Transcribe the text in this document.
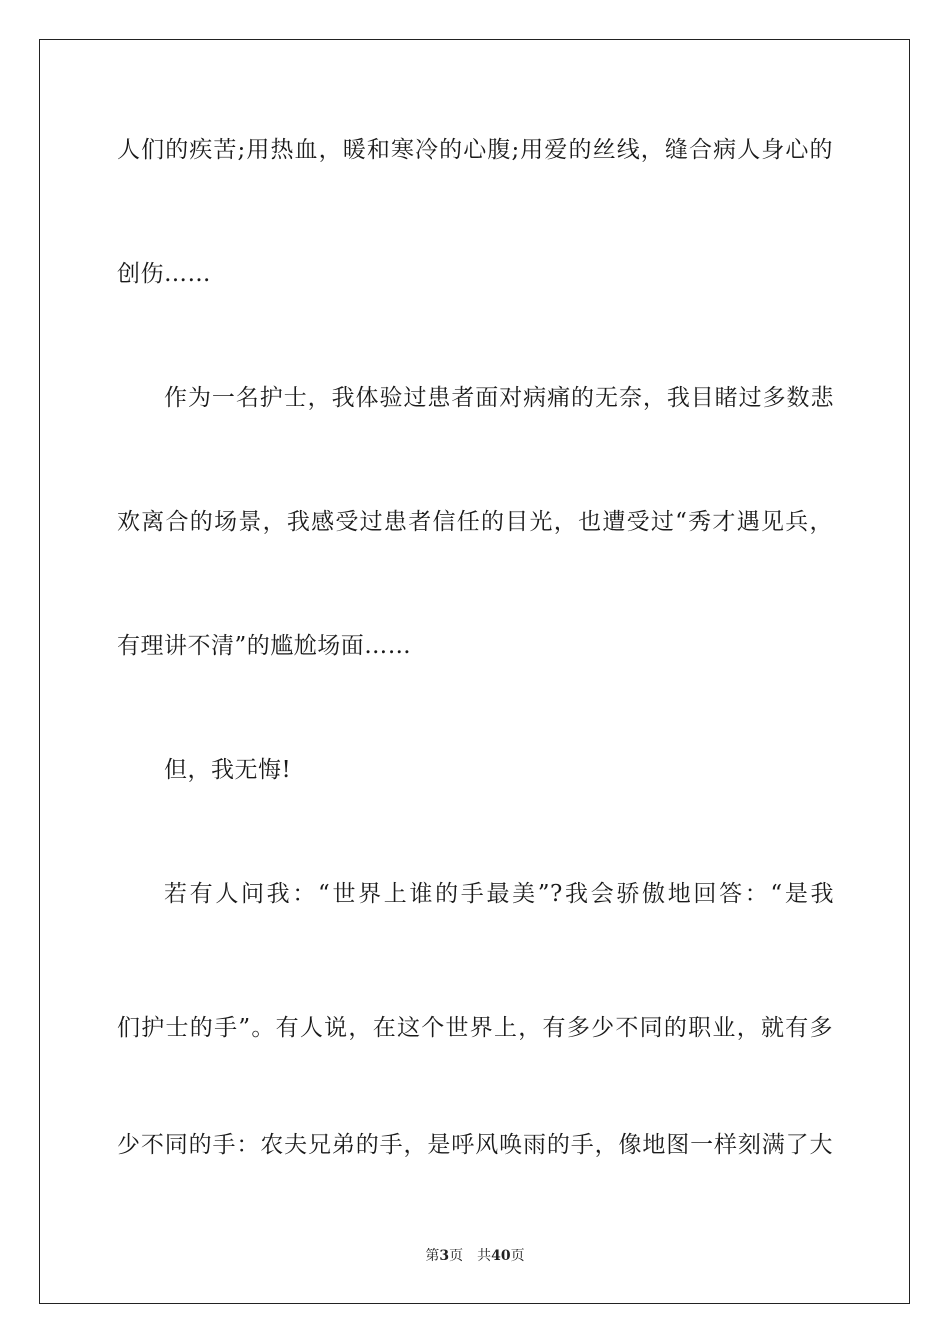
人们的疾苦;用热血，暖和寒冷的心腹;用爱的丝线，缝合病人身心的
创伤……
作为一名护士，我体验过患者面对病痛的无奈，我目睹过多数悲
欢离合的场景，我感受过患者信任的目光，也遭受过“秀才遇见兵，
有理讲不清”的尴尬场面……
但，我无悔!
若有人问我：“世界上谁的手最美”?我会骄傲地回答：“是我
们护士的手”。有人说，在这个世界上，有多少不同的职业，就有多
少不同的手：农夫兄弟的手，是呼风唤雨的手，像地图一样刻满了大
第3页 共40页
